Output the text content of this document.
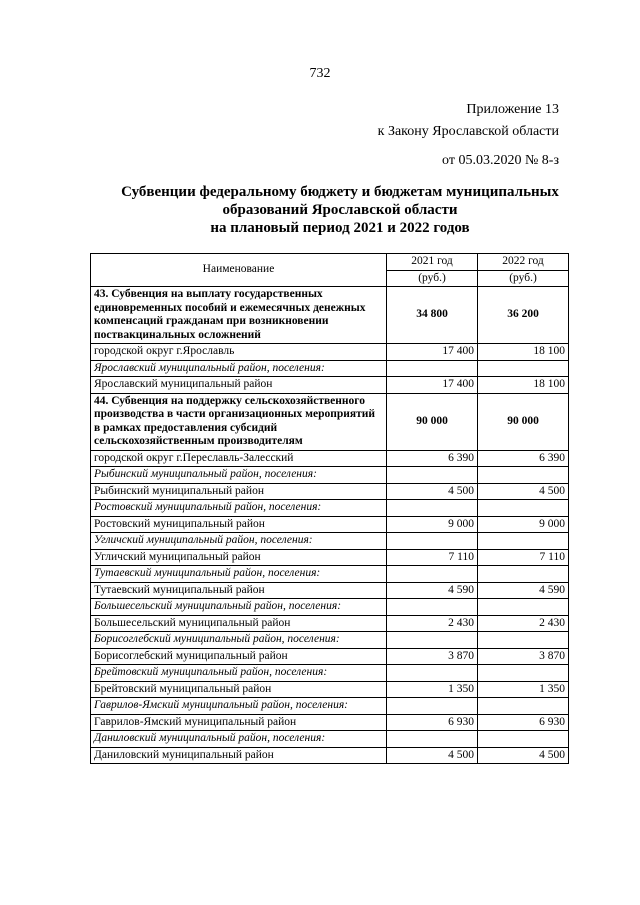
732
Приложение 13
к Закону Ярославской области
от 05.03.2020 № 8-з
Субвенции федеральному бюджету и бюджетам муниципальных
образований Ярославской области
на плановый период 2021 и 2022 годов
Наименование	2021 год	2022 год
	(руб.)	(руб.)
43. Субвенция на выплату государственных единовременных пособий и ежемесячных денежных компенсаций гражданам при возникновении поствакцинальных осложнений	34 800	36 200
городской округ г.Ярославль	17 400	18 100
Ярославский муниципальный район, поселения:		
Ярославский муниципальный район	17 400	18 100
44. Субвенция на поддержку сельскохозяйственного производства в части организационных мероприятий в рамках предоставления субсидий сельскохозяйственным производителям	90 000	90 000
городской округ г.Переславль-Залесский	6 390	6 390
Рыбинский муниципальный район, поселения:		
Рыбинский муниципальный район	4 500	4 500
Ростовский муниципальный район, поселения:		
Ростовский муниципальный район	9 000	9 000
Угличский муниципальный район, поселения:		
Угличский муниципальный район	7 110	7 110
Тутаевский муниципальный район, поселения:		
Тутаевский муниципальный район	4 590	4 590
Большесельский муниципальный район, поселения:		
Большесельский муниципальный район	2 430	2 430
Борисоглебский муниципальный район, поселения:		
Борисоглебский муниципальный район	3 870	3 870
Брейтовский муниципальный район, поселения:		
Брейтовский муниципальный район	1 350	1 350
Гаврилов-Ямский муниципальный район, поселения:		
Гаврилов-Ямский муниципальный район	6 930	6 930
Даниловский муниципальный район, поселения:		
Даниловский муниципальный район	4 500	4 500
